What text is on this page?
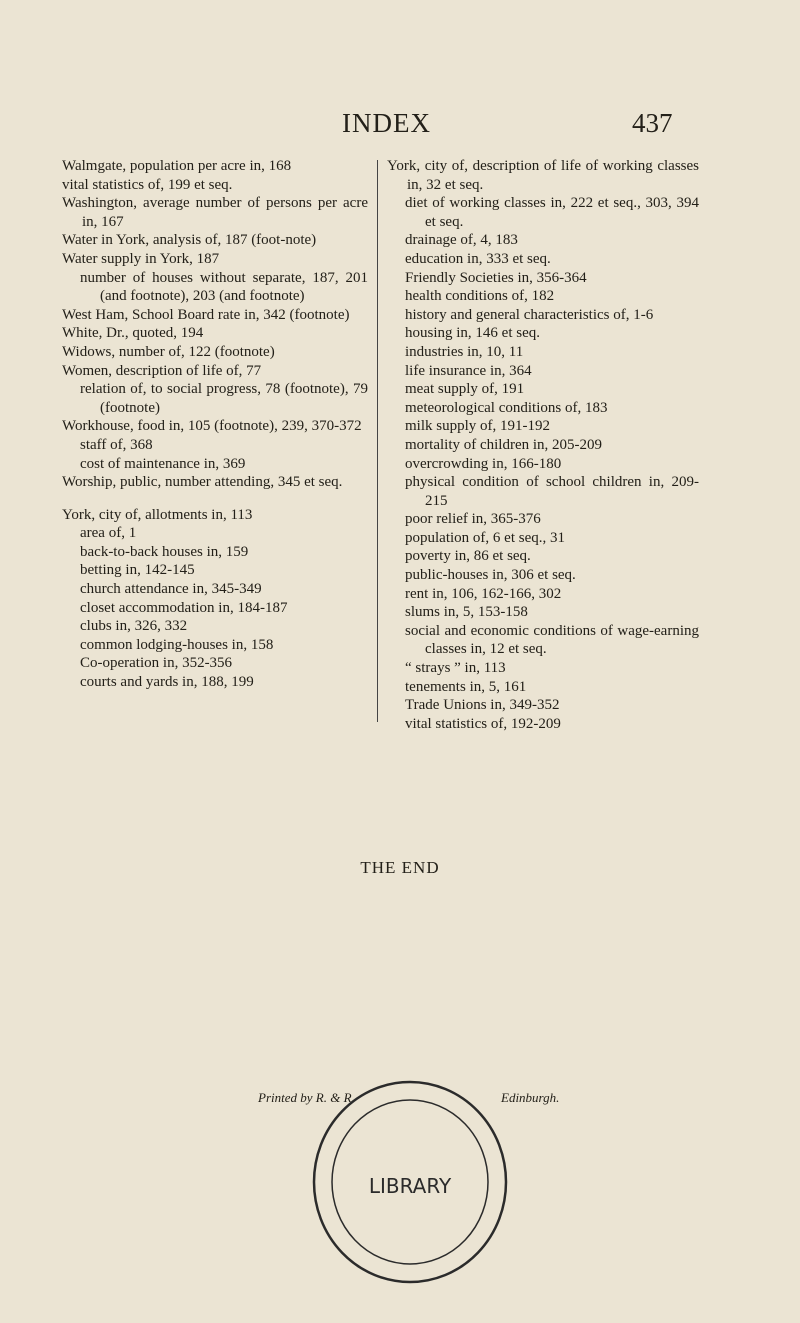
INDEX	437
Walmgate, population per acre in, 168
vital statistics of, 199 et seq.
Washington, average number of persons per acre in, 167
Water in York, analysis of, 187 (foot-note)
Water supply in York, 187
number of houses without separate, 187, 201 (and footnote), 203 (and footnote)
West Ham, School Board rate in, 342 (footnote)
White, Dr., quoted, 194
Widows, number of, 122 (footnote)
Women, description of life of, 77
relation of, to social progress, 78 (footnote), 79 (footnote)
Workhouse, food in, 105 (footnote), 239, 370-372
staff of, 368
cost of maintenance in, 369
Worship, public, number attending, 345 et seq.
York, city of, allotments in, 113
area of, 1
back-to-back houses in, 159
betting in, 142-145
church attendance in, 345-349
closet accommodation in, 184-187
clubs in, 326, 332
common lodging-houses in, 158
Co-operation in, 352-356
courts and yards in, 188, 199
York, city of, description of life of working classes in, 32 et seq.
diet of working classes in, 222 et seq., 303, 394 et seq.
drainage of, 4, 183
education in, 333 et seq.
Friendly Societies in, 356-364
health conditions of, 182
history and general characteristics of, 1-6
housing in, 146 et seq.
industries in, 10, 11
life insurance in, 364
meat supply of, 191
meteorological conditions of, 183
milk supply of, 191-192
mortality of children in, 205-209
overcrowding in, 166-180
physical condition of school children in, 209-215
poor relief in, 365-376
population of, 6 et seq., 31
poverty in, 86 et seq.
public-houses in, 306 et seq.
rent in, 106, 162-166, 302
slums in, 5, 153-158
social and economic conditions of wage-earning classes in, 12 et seq.
“ strays ” in, 113
tenements in, 5, 161
Trade Unions in, 349-352
vital statistics of, 192-209
THE END
Printed by R. & R.	Edinburgh.
LIBRARY
